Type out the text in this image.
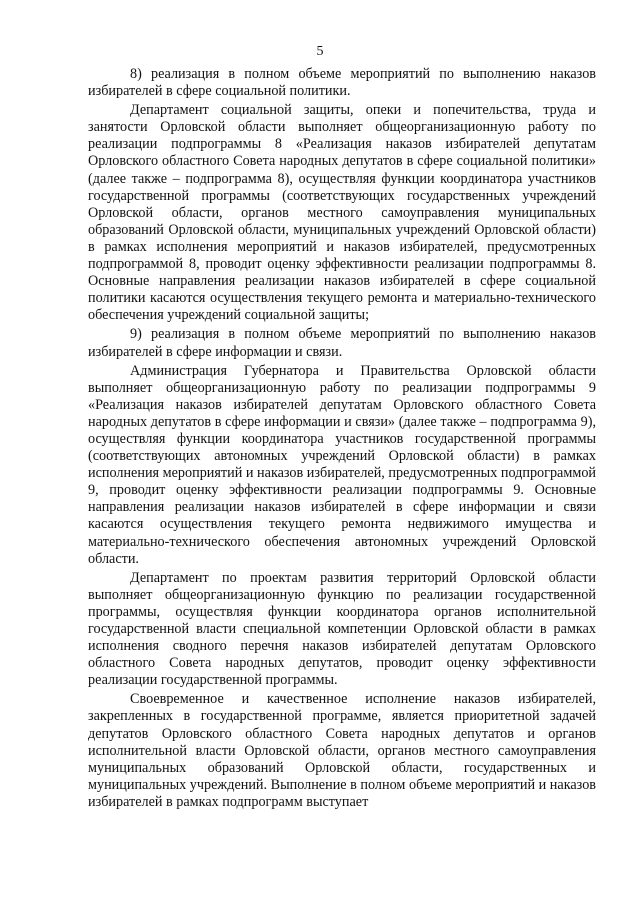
5

8) реализация в полном объеме мероприятий по выполнению наказов избирателей в сфере социальной политики.

Департамент социальной защиты, опеки и попечительства, труда и занятости Орловской области выполняет общеорганизационную работу по реализации подпрограммы 8 «Реализация наказов избирателей депутатам Орловского областного Совета народных депутатов в сфере социальной политики» (далее также – подпрограмма 8), осуществляя функции координатора участников государственной программы (соответствующих государственных учреждений Орловской области, органов местного самоуправления муниципальных образований Орловской области, муниципальных учреждений Орловской области) в рамках исполнения мероприятий и наказов избирателей, предусмотренных подпрограммой 8, проводит оценку эффективности реализации подпрограммы 8. Основные направления реализации наказов избирателей в сфере социальной политики касаются осуществления текущего ремонта и материально-технического обеспечения учреждений социальной защиты;

9) реализация в полном объеме мероприятий по выполнению наказов избирателей в сфере информации и связи.

Администрация Губернатора и Правительства Орловской области выполняет общеорганизационную работу по реализации подпрограммы 9 «Реализация наказов избирателей депутатам Орловского областного Совета народных депутатов в сфере информации и связи» (далее также – подпрограмма 9), осуществляя функции координатора участников государственной программы (соответствующих автономных учреждений Орловской области) в рамках исполнения мероприятий и наказов избирателей, предусмотренных подпрограммой 9, проводит оценку эффективности реализации подпрограммы 9. Основные направления реализации наказов избирателей в сфере информации и связи касаются осуществления текущего ремонта недвижимого имущества и материально-технического обеспечения автономных учреждений Орловской области.

Департамент по проектам развития территорий Орловской области выполняет общеорганизационную функцию по реализации государственной программы, осуществляя функции координатора органов исполнительной государственной власти специальной компетенции Орловской области в рамках исполнения сводного перечня наказов избирателей депутатам Орловского областного Совета народных депутатов, проводит оценку эффективности реализации государственной программы.

Своевременное и качественное исполнение наказов избирателей, закрепленных в государственной программе, является приоритетной задачей депутатов Орловского областного Совета народных депутатов и органов исполнительной власти Орловской области, органов местного самоуправления муниципальных образований Орловской области, государственных и муниципальных учреждений. Выполнение в полном объеме мероприятий и наказов избирателей в рамках подпрограмм выступает
